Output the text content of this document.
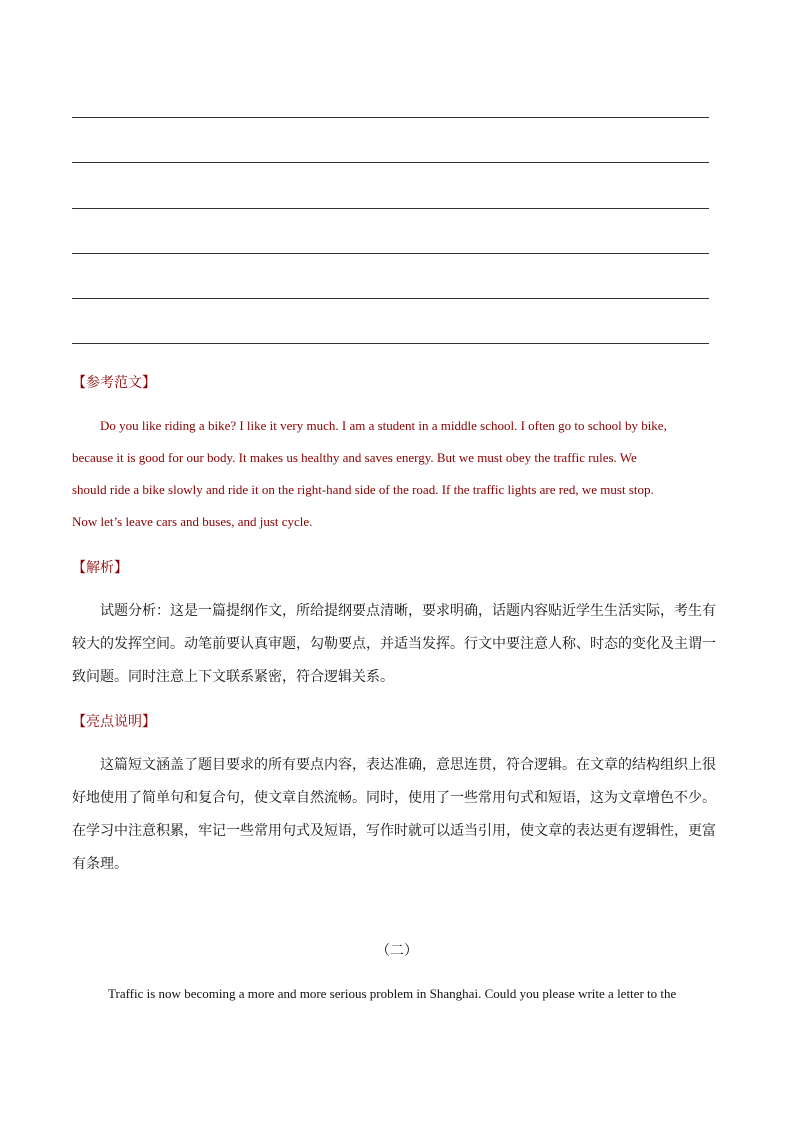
【参考范文】
Do you like riding a bike? I like it very much. I am a student in a middle school. I often go to school by bike,
because it is good for our body. It makes us healthy and saves energy. But we must obey the traffic rules. We
should ride a bike slowly and ride it on the right-hand side of the road. If the traffic lights are red, we must stop.
Now let’s leave cars and buses, and just cycle.
【解析】
试题分析：这是一篇提纲作文，所给提纲要点清晰，要求明确，话题内容贴近学生生活实际，考生有
较大的发挥空间。动笔前要认真审题，勾勒要点，并适当发挥。行文中要注意人称、时态的变化及主谓一
致问题。同时注意上下文联系紧密，符合逻辑关系。
【亮点说明】
这篇短文涵盖了题目要求的所有要点内容，表达准确，意思连贯，符合逻辑。在文章的结构组织上很
好地使用了简单句和复合句，使文章自然流畅。同时，使用了一些常用句式和短语，这为文章增色不少。
在学习中注意积累，牢记一些常用句式及短语，写作时就可以适当引用，使文章的表达更有逻辑性，更富
有条理。
（二）
Traffic is now becoming a more and more serious problem in Shanghai. Could you please write a letter to the
